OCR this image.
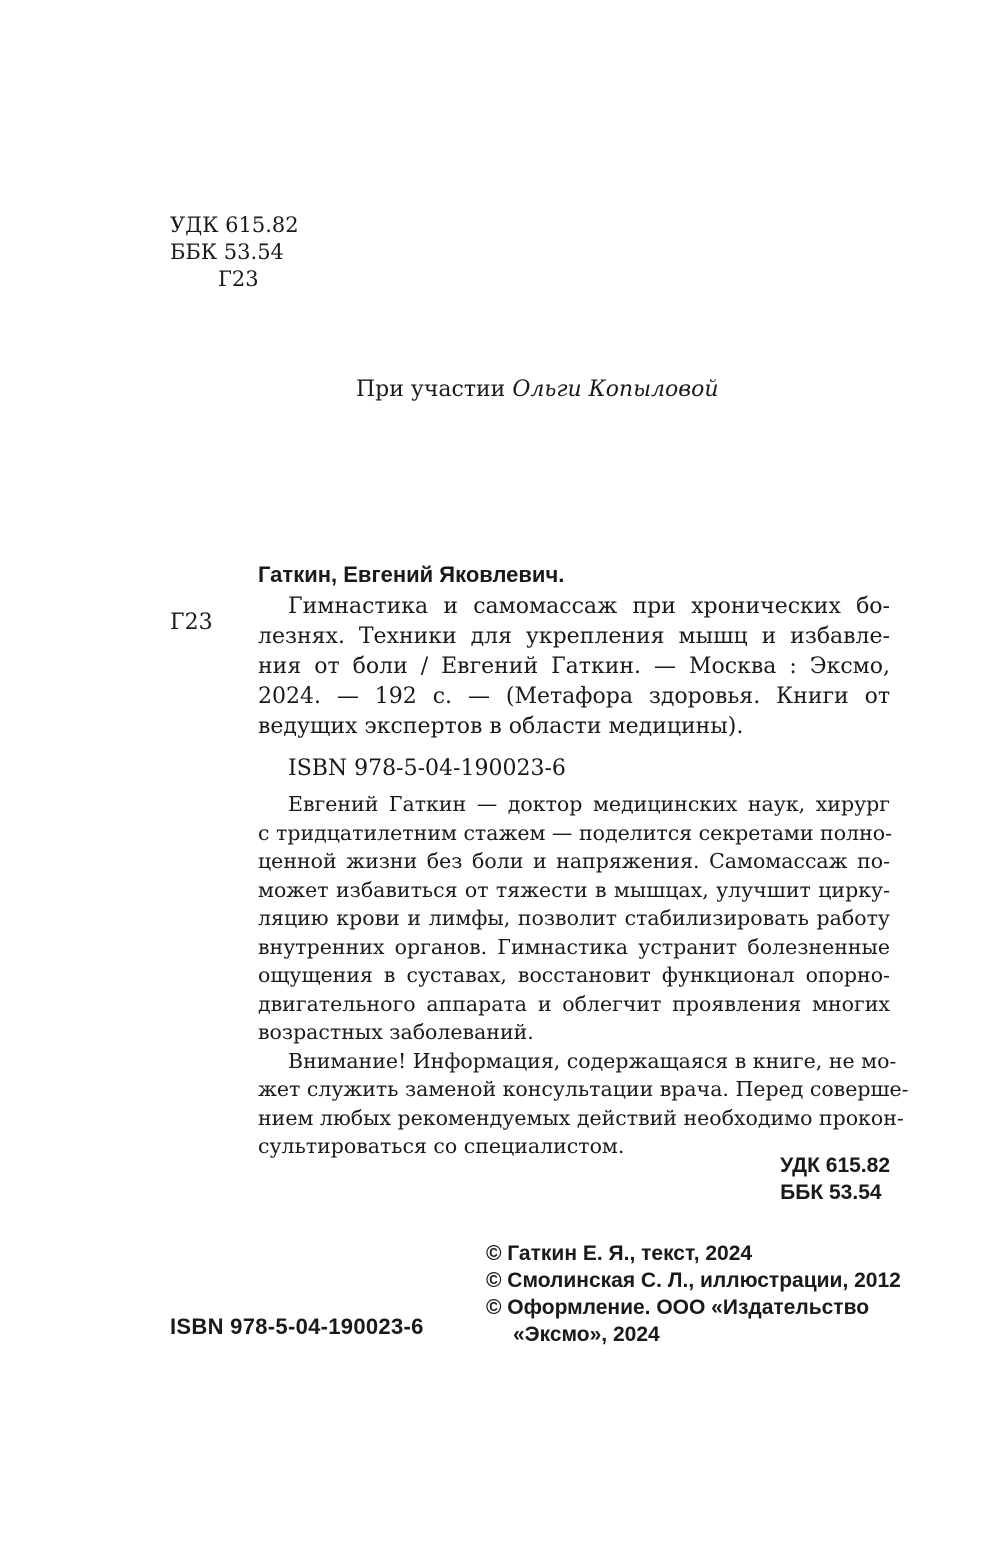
УДК 615.82
ББК 53.54
Г23
При участии Ольги Копыловой
Г23
Гаткин, Евгений Яковлевич.
Гимнастика и самомассаж при хронических бо-
лезнях. Техники для укрепления мышц и избавле-
ния от боли / Евгений Гаткин. — Москва : Эксмо,
2024. — 192 с. — (Метафора здоровья. Книги от
ведущих экспертов в области медицины).
ISBN 978-5-04-190023-6
Евгений Гаткин — доктор медицинских наук, хирург
с тридцатилетним стажем — поделится секретами полно-
ценной жизни без боли и напряжения. Самомассаж по-
может избавиться от тяжести в мышцах, улучшит цирку-
ляцию крови и лимфы, позволит стабилизировать работу
внутренних органов. Гимнастика устранит болезненные
ощущения в суставах, восстановит функционал опорно-
двигательного аппарата и облегчит проявления многих
возрастных заболеваний.
Внимание! Информация, содержащаяся в книге, не мо-
жет служить заменой консультации врача. Перед соверше-
нием любых рекомендуемых действий необходимо прокон-
сультироваться со специалистом.
УДК 615.82
ББК 53.54
ISBN 978-5-04-190023-6
© Гаткин Е. Я., текст, 2024
© Смолинская С. Л., иллюстрации, 2012
© Оформление. ООО «Издательство
«Эксмо», 2024
